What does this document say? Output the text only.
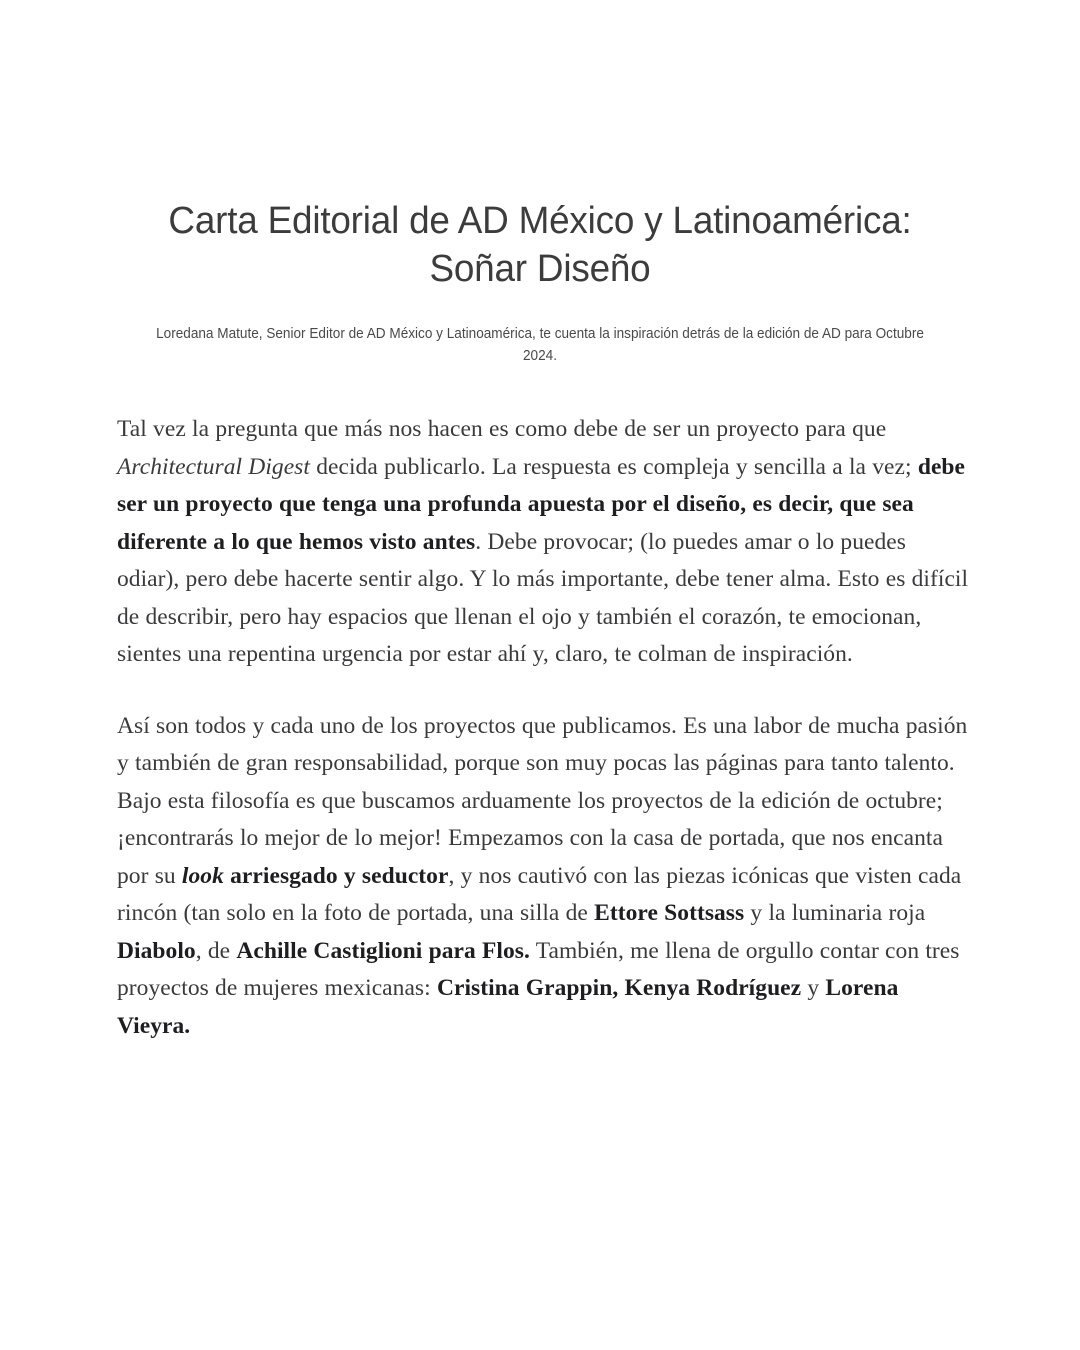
Carta Editorial de AD México y Latinoamérica: Soñar Diseño

Loredana Matute, Senior Editor de AD México y Latinoamérica, te cuenta la inspiración detrás de la edición de AD para Octubre 2024.

Tal vez la pregunta que más nos hacen es como debe de ser un proyecto para que Architectural Digest decida publicarlo. La respuesta es compleja y sencilla a la vez; debe ser un proyecto que tenga una profunda apuesta por el diseño, es decir, que sea diferente a lo que hemos visto antes. Debe provocar; (lo puedes amar o lo puedes odiar), pero debe hacerte sentir algo. Y lo más importante, debe tener alma. Esto es difícil de describir, pero hay espacios que llenan el ojo y también el corazón, te emocionan, sientes una repentina urgencia por estar ahí y, claro, te colman de inspiración.

Así son todos y cada uno de los proyectos que publicamos. Es una labor de mucha pasión y también de gran responsabilidad, porque son muy pocas las páginas para tanto talento. Bajo esta filosofía es que buscamos arduamente los proyectos de la edición de octubre; ¡encontrarás lo mejor de lo mejor! Empezamos con la casa de portada, que nos encanta por su look arriesgado y seductor, y nos cautivó con las piezas icónicas que visten cada rincón (tan solo en la foto de portada, una silla de Ettore Sottsass y la luminaria roja Diabolo, de Achille Castiglioni para Flos. También, me llena de orgullo contar con tres proyectos de mujeres mexicanas: Cristina Grappin, Kenya Rodríguez y Lorena Vieyra.
